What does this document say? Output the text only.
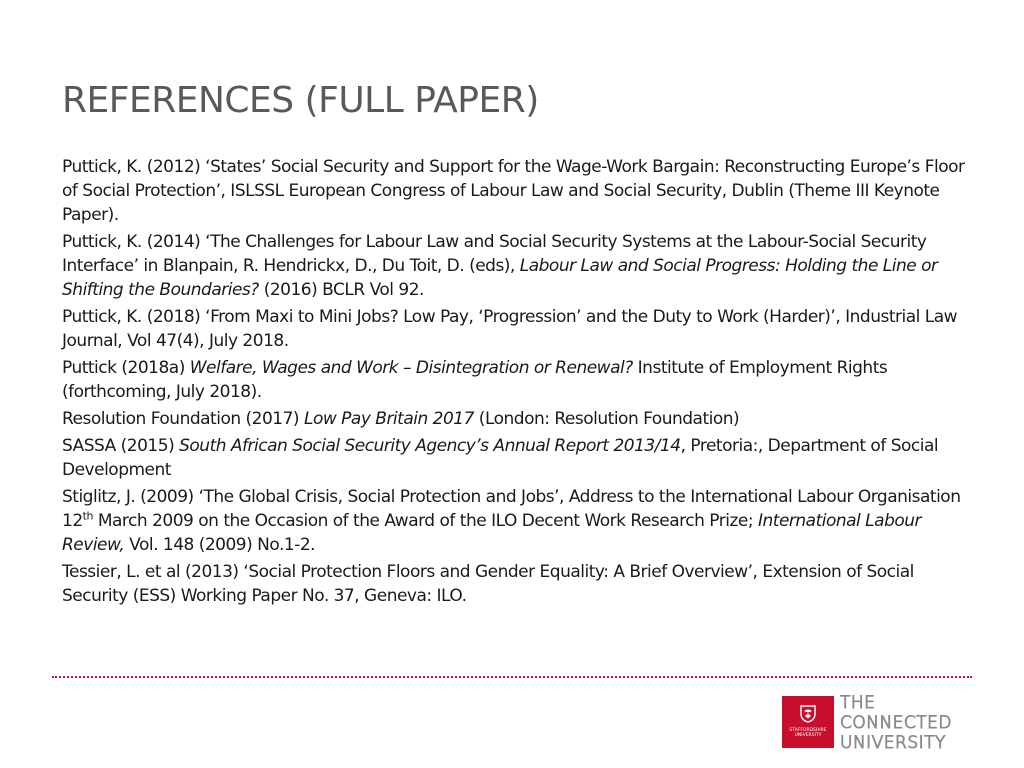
REFERENCES (FULL PAPER)

Puttick, K. (2012) ‘States’ Social Security and Support for the Wage-Work Bargain: Reconstructing Europe’s Floor of Social Protection’, ISLSSL European Congress of Labour Law and Social Security, Dublin (Theme III Keynote Paper).

Puttick, K. (2014) ‘The Challenges for Labour Law and Social Security Systems at the Labour-Social Security Interface’ in Blanpain, R. Hendrickx, D., Du Toit, D. (eds), Labour Law and Social Progress: Holding the Line or Shifting the Boundaries? (2016) BCLR Vol 92.

Puttick, K. (2018) ‘From Maxi to Mini Jobs? Low Pay, ‘Progression’ and the Duty to Work (Harder)’, Industrial Law Journal, Vol 47(4), July 2018.

Puttick (2018a) Welfare, Wages and Work – Disintegration or Renewal? Institute of Employment Rights (forthcoming, July 2018).

Resolution Foundation (2017) Low Pay Britain 2017 (London: Resolution Foundation)

SASSA (2015) South African Social Security Agency’s Annual Report 2013/14, Pretoria:, Department of Social Development

Stiglitz, J. (2009) ‘The Global Crisis, Social Protection and Jobs’, Address to the International Labour Organisation 12th March 2009 on the Occasion of the Award of the ILO Decent Work Research Prize; International Labour Review, Vol. 148 (2009) No.1-2.

Tessier, L. et al (2013) ‘Social Protection Floors and Gender Equality: A Brief Overview’, Extension of Social Security (ESS) Working Paper No. 37, Geneva: ILO.

STAFFORDSHIRE
UNIVERSITY
THE
CONNECTED
UNIVERSITY
